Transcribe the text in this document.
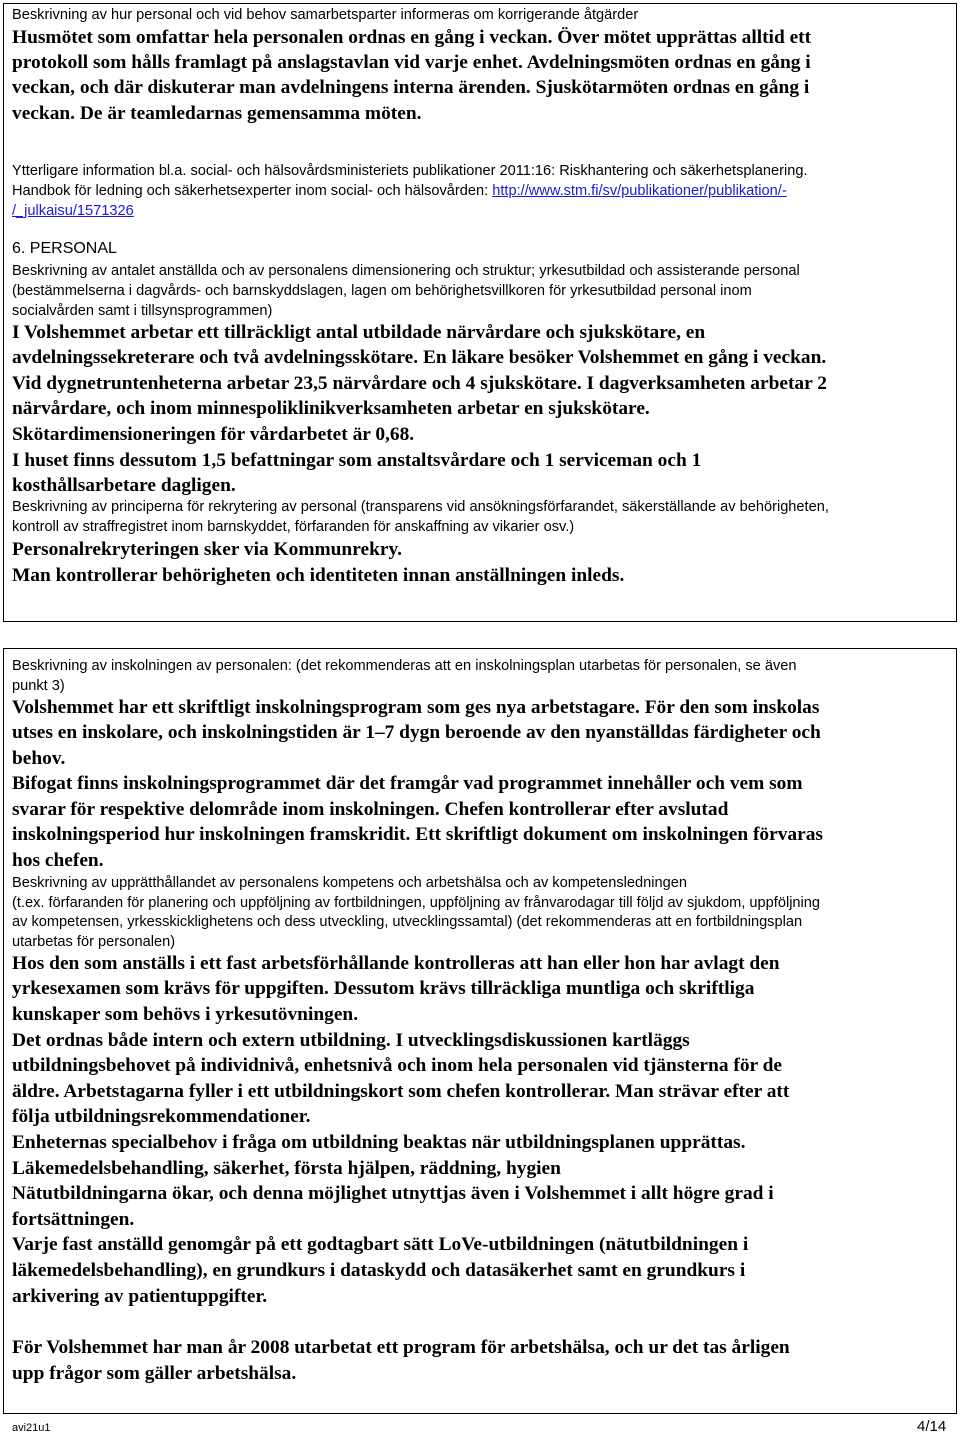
Beskrivning av hur personal och vid behov samarbetsparter informeras om korrigerande åtgärder
Husmötet som omfattar hela personalen ordnas en gång i veckan. Över mötet upprättas alltid ett
protokoll som hålls framlagt på anslagstavlan vid varje enhet. Avdelningsmöten ordnas en gång i
veckan, och där diskuterar man avdelningens interna ärenden. Sjuskötarmöten ordnas en gång i
veckan. De är teamledarnas gemensamma möten.
Ytterligare information bl.a. social- och hälsovårdsministeriets publikationer 2011:16: Riskhantering och säkerhetsplanering.
/_julkaisu/1571326
6. PERSONAL
Beskrivning av antalet anställda och av personalens dimensionering och struktur; yrkesutbildad och assisterande personal
(bestämmelserna i dagvårds- och barnskyddslagen, lagen om behörighetsvillkoren för yrkesutbildad personal inom
socialvården samt i tillsynsprogrammen)
I Volshemmet arbetar ett tillräckligt antal utbildade närvårdare och sjukskötare, en
avdelningssekreterare och två avdelningsskötare. En läkare besöker Volshemmet en gång i veckan.
Vid dygnetruntenheterna arbetar 23,5 närvårdare och 4 sjukskötare. I dagverksamheten arbetar 2
närvårdare, och inom minnespoliklinikverksamheten arbetar en sjukskötare.
Skötardimensioneringen för vårdarbetet är 0,68.
I huset finns dessutom 1,5 befattningar som anstaltsvårdare och 1 serviceman och 1
kosthållsarbetare dagligen.
Beskrivning av principerna för rekrytering av personal (transparens vid ansökningsförfarandet, säkerställande av behörigheten,
kontroll av straffregistret inom barnskyddet, förfaranden för anskaffning av vikarier osv.)
Personalrekryteringen sker via Kommunrekry.
Man kontrollerar behörigheten och identiteten innan anställningen inleds.
Beskrivning av inskolningen av personalen: (det rekommenderas att en inskolningsplan utarbetas för personalen, se även
punkt 3)
Volshemmet har ett skriftligt inskolningsprogram som ges nya arbetstagare. För den som inskolas
utses en inskolare, och inskolningstiden är 1–7 dygn beroende av den nyanställdas färdigheter och
behov.
Bifogat finns inskolningsprogrammet där det framgår vad programmet innehåller och vem som
svarar för respektive delområde inom inskolningen. Chefen kontrollerar efter avslutad
inskolningsperiod hur inskolningen framskridit. Ett skriftligt dokument om inskolningen förvaras
hos chefen.
Beskrivning av upprätthållandet av personalens kompetens och arbetshälsa och av kompetensledningen
(t.ex. förfaranden för planering och uppföljning av fortbildningen, uppföljning av frånvarodagar till följd av sjukdom, uppföljning
av kompetensen, yrkesskicklighetens och dess utveckling, utvecklingssamtal) (det rekommenderas att en fortbildningsplan
utarbetas för personalen)
Hos den som anställs i ett fast arbetsförhållande kontrolleras att han eller hon har avlagt den
yrkesexamen som krävs för uppgiften. Dessutom krävs tillräckliga muntliga och skriftliga
kunskaper som behövs i yrkesutövningen.
Det ordnas både intern och extern utbildning. I utvecklingsdiskussionen kartläggs
utbildningsbehovet på individnivå, enhetsnivå och inom hela personalen vid tjänsterna för de
äldre. Arbetstagarna fyller i ett utbildningskort som chefen kontrollerar. Man strävar efter att
följa utbildningsrekommendationer.
Enheternas specialbehov i fråga om utbildning beaktas när utbildningsplanen upprättas.
Läkemedelsbehandling, säkerhet, första hjälpen, räddning, hygien
Nätutbildningarna ökar, och denna möjlighet utnyttjas även i Volshemmet i allt högre grad i
fortsättningen.
Varje fast anställd genomgår på ett godtagbart sätt LoVe-utbildningen (nätutbildningen i
läkemedelsbehandling), en grundkurs i dataskydd och datasäkerhet samt en grundkurs i
arkivering av patientuppgifter.
För Volshemmet har man år 2008 utarbetat ett program för arbetshälsa, och ur det tas årligen
upp frågor som gäller arbetshälsa.
Handbok för ledning och säkerhetsexperter inom social- och hälsovården: http://www.stm.fi/sv/publikationer/publikation/-
avi21u1	4/14
